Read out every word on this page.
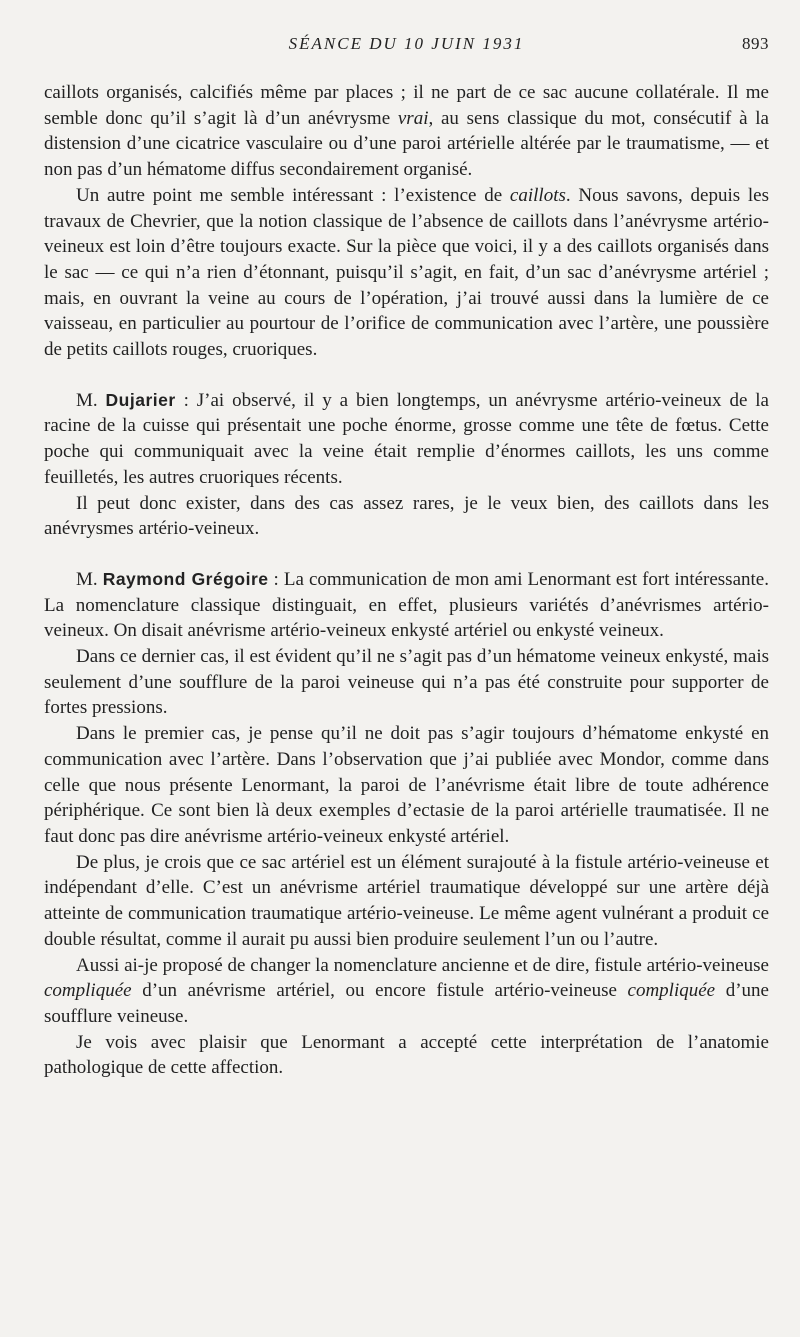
SÉANCE DU 10 JUIN 1931	893

caillots organisés, calcifiés même par places ; il ne part de ce sac aucune collatérale. Il me semble donc qu’il s’agit là d’un anévrysme vrai, au sens classique du mot, consécutif à la distension d’une cicatrice vasculaire ou d’une paroi artérielle altérée par le traumatisme, — et non pas d’un hématome diffus secondairement organisé.

Un autre point me semble intéressant : l’existence de caillots. Nous savons, depuis les travaux de Chevrier, que la notion classique de l’absence de caillots dans l’anévrysme artério-veineux est loin d’être toujours exacte. Sur la pièce que voici, il y a des caillots organisés dans le sac — ce qui n’a rien d’étonnant, puisqu’il s’agit, en fait, d’un sac d’anévrysme artériel ; mais, en ouvrant la veine au cours de l’opération, j’ai trouvé aussi dans la lumière de ce vaisseau, en particulier au pourtour de l’orifice de communication avec l’artère, une poussière de petits caillots rouges, cruoriques.

M. Dujarier : J’ai observé, il y a bien longtemps, un anévrysme artério-veineux de la racine de la cuisse qui présentait une poche énorme, grosse comme une tête de fœtus. Cette poche qui communiquait avec la veine était remplie d’énormes caillots, les uns comme feuilletés, les autres cruoriques récents.

Il peut donc exister, dans des cas assez rares, je le veux bien, des caillots dans les anévrysmes artério-veineux.

M. Raymond Grégoire : La communication de mon ami Lenormant est fort intéressante. La nomenclature classique distinguait, en effet, plusieurs variétés d’anévrismes artério-veineux. On disait anévrisme artério-veineux enkysté artériel ou enkysté veineux.

Dans ce dernier cas, il est évident qu’il ne s’agit pas d’un hématome veineux enkysté, mais seulement d’une soufflure de la paroi veineuse qui n’a pas été construite pour supporter de fortes pressions.

Dans le premier cas, je pense qu’il ne doit pas s’agir toujours d’hématome enkysté en communication avec l’artère. Dans l’observation que j’ai publiée avec Mondor, comme dans celle que nous présente Lenormant, la paroi de l’anévrisme était libre de toute adhérence périphérique. Ce sont bien là deux exemples d’ectasie de la paroi artérielle traumatisée. Il ne faut donc pas dire anévrisme artério-veineux enkysté artériel.

De plus, je crois que ce sac artériel est un élément surajouté à la fistule artério-veineuse et indépendant d’elle. C’est un anévrisme artériel traumatique développé sur une artère déjà atteinte de communication traumatique artério-veineuse. Le même agent vulnérant a produit ce double résultat, comme il aurait pu aussi bien produire seulement l’un ou l’autre.

Aussi ai-je proposé de changer la nomenclature ancienne et de dire, fistule artério-veineuse compliquée d’un anévrisme artériel, ou encore fistule artério-veineuse compliquée d’une soufflure veineuse.

Je vois avec plaisir que Lenormant a accepté cette interprétation de l’anatomie pathologique de cette affection.
